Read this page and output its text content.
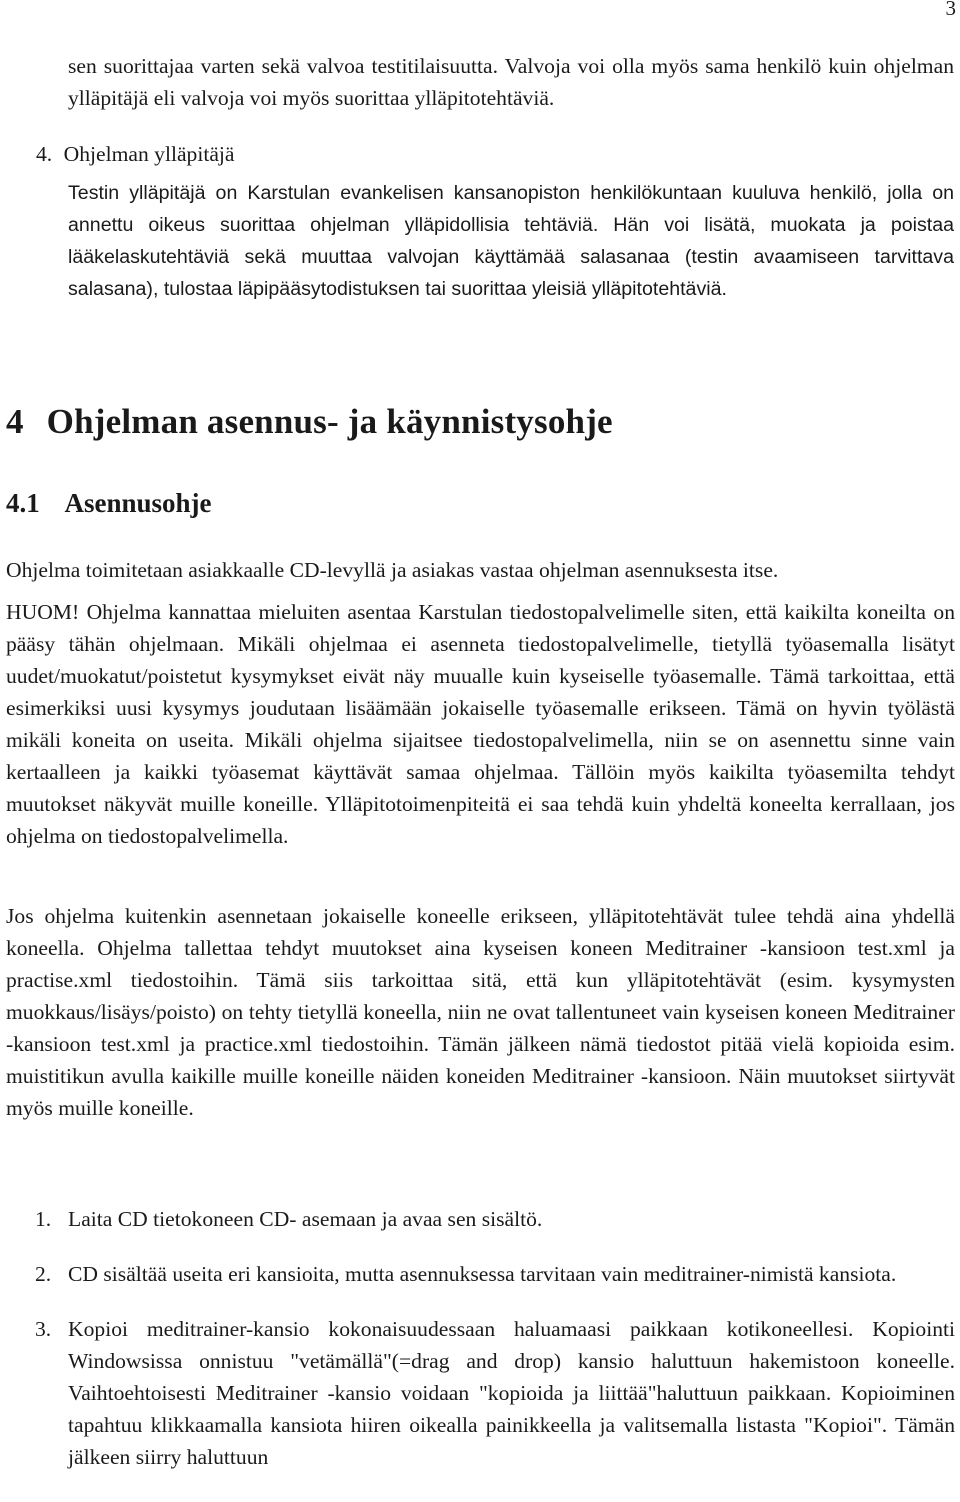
3

sen suorittajaa varten sekä valvoa testitilaisuutta. Valvoja voi olla myös sama henkilö kuin ohjelman ylläpitäjä eli valvoja voi myös suorittaa ylläpitotehtäviä.

4. Ohjelman ylläpitäjä

Testin ylläpitäjä on Karstulan evankelisen kansanopiston henkilökuntaan kuuluva henkilö, jolla on annettu oikeus suorittaa ohjelman ylläpidollisia tehtäviä. Hän voi lisätä, muokata ja poistaa lääkelaskutehtäviä sekä muuttaa valvojan käyttämää salasanaa (testin avaamiseen tarvittava salasana), tulostaa läpipääsytodistuksen tai suorittaa yleisiä ylläpitotehtäviä.

4 Ohjelman asennus- ja käynnistysohje
4.1 Asennusohje

Ohjelma toimitetaan asiakkaalle CD-levyllä ja asiakas vastaa ohjelman asennuksesta itse.

HUOM! Ohjelma kannattaa mieluiten asentaa Karstulan tiedostopalvelimelle siten, että kaikilta koneilta on pääsy tähän ohjelmaan. Mikäli ohjelmaa ei asenneta tiedostopalvelimelle, tietyllä työasemalla lisätyt uudet/muokatut/poistetut kysymykset eivät näy muualle kuin kyseiselle työasemalle. Tämä tarkoittaa, että esimerkiksi uusi kysymys joudutaan lisäämään jokaiselle työasemalle erikseen. Tämä on hyvin työlästä mikäli koneita on useita. Mikäli ohjelma sijaitsee tiedostopalvelimella, niin se on asennettu sinne vain kertaalleen ja kaikki työasemat käyttävät samaa ohjelmaa. Tällöin myös kaikilta työasemilta tehdyt muutokset näkyvät muille koneille. Ylläpitotoimenpiteitä ei saa tehdä kuin yhdeltä koneelta kerrallaan, jos ohjelma on tiedostopalvelimella.

Jos ohjelma kuitenkin asennetaan jokaiselle koneelle erikseen, ylläpitotehtävät tulee tehdä aina yhdellä koneella. Ohjelma tallettaa tehdyt muutokset aina kyseisen koneen Meditrainer -kansioon test.xml ja practise.xml tiedostoihin. Tämä siis tarkoittaa sitä, että kun ylläpitotehtävät (esim. kysymysten muokkaus/lisäys/poisto) on tehty tietyllä koneella, niin ne ovat tallentuneet vain kyseisen koneen Meditrainer -kansioon test.xml ja practice.xml tiedostoihin. Tämän jälkeen nämä tiedostot pitää vielä kopioida esim. muistitikun avulla kaikille muille koneille näiden koneiden Meditrainer -kansioon. Näin muutokset siirtyvät myös muille koneille.

1. Laita CD tietokoneen CD- asemaan ja avaa sen sisältö.
2. CD sisältää useita eri kansioita, mutta asennuksessa tarvitaan vain meditrainer-nimistä kansiota.
3. Kopioi meditrainer-kansio kokonaisuudessaan haluamaasi paikkaan kotikoneellesi. Kopiointi Windowsissa onnistuu "vetämällä"(=drag and drop) kansio haluttuun hakemistoon koneelle. Vaihtoehtoisesti Meditrainer -kansio voidaan "kopioida ja liittää"haluttuun paikkaan. Kopioiminen tapahtuu klikkaamalla kansiota hiiren oikealla painikkeella ja valitsemalla listasta "Kopioi". Tämän jälkeen siirry haluttuun
